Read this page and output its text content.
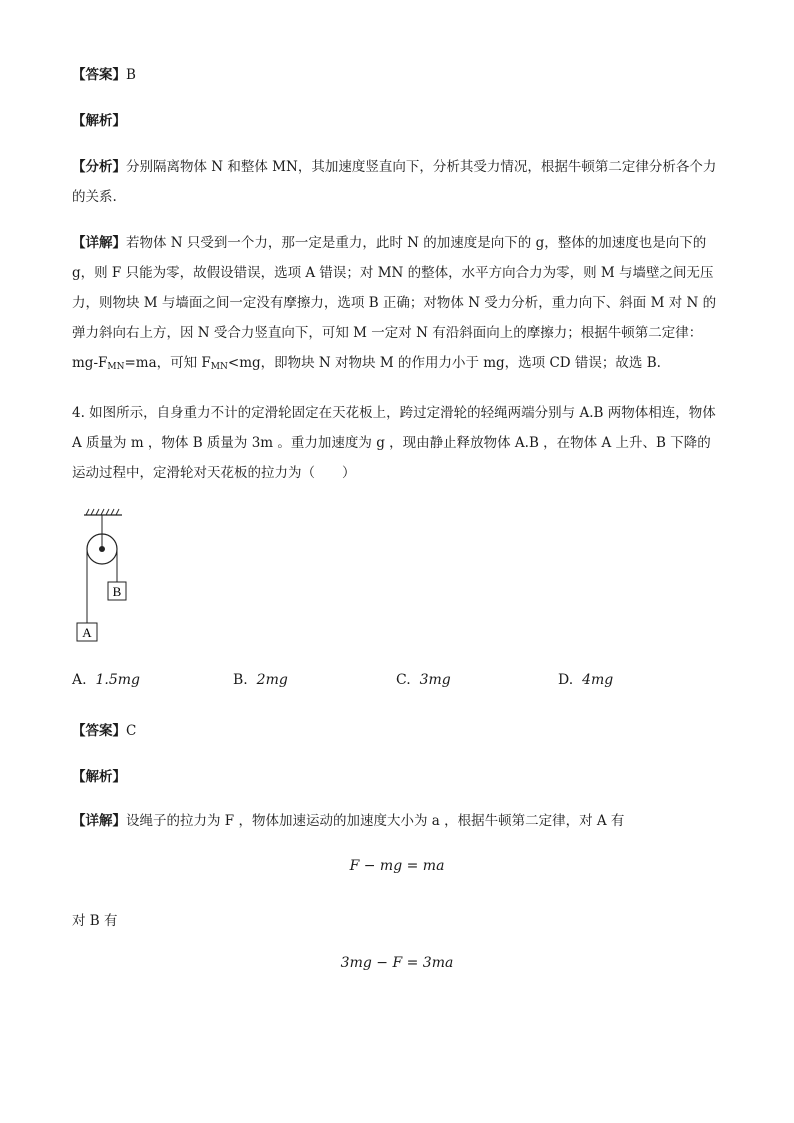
【答案】B
【解析】
【分析】分别隔离物体 N 和整体 MN，其加速度竖直向下，分析其受力情况，根据牛顿第二定律分析各个力的关系.
【详解】若物体 N 只受到一个力，那一定是重力，此时 N 的加速度是向下的 g，整体的加速度也是向下的 g，则 F 只能为零，故假设错误，选项 A 错误；对 MN 的整体，水平方向合力为零，则 M 与墙壁之间无压力，则物块 M 与墙面之间一定没有摩擦力，选项 B 正确；对物体 N 受力分析，重力向下、斜面 M 对 N 的弹力斜向右上方，因 N 受合力竖直向下，可知 M 一定对 N 有沿斜面向上的摩擦力；根据牛顿第二定律：$mg-F_{MN}=ma$，可知 $F_{MN}<mg$，即物块 N 对物块 M 的作用力小于 mg，选项 CD 错误；故选 B.
4. 如图所示，自身重力不计的定滑轮固定在天花板上，跨过定滑轮的轻绳两端分别与 A.B 两物体相连，物体 A 质量为 m ，物体 B 质量为 3m 。重力加速度为 g ，现由静止释放物体 A.B ，在物体 A 上升、B 下降的运动过程中，定滑轮对天花板的拉力为（　　）
B
A
A. 1.5mg	B. 2mg	C. 3mg	D. 4mg
【答案】C
【解析】
【详解】设绳子的拉力为 F ，物体加速运动的加速度大小为 a ，根据牛顿第二定律，对 A 有
F − mg = ma
对 B 有
3mg − F = 3ma
